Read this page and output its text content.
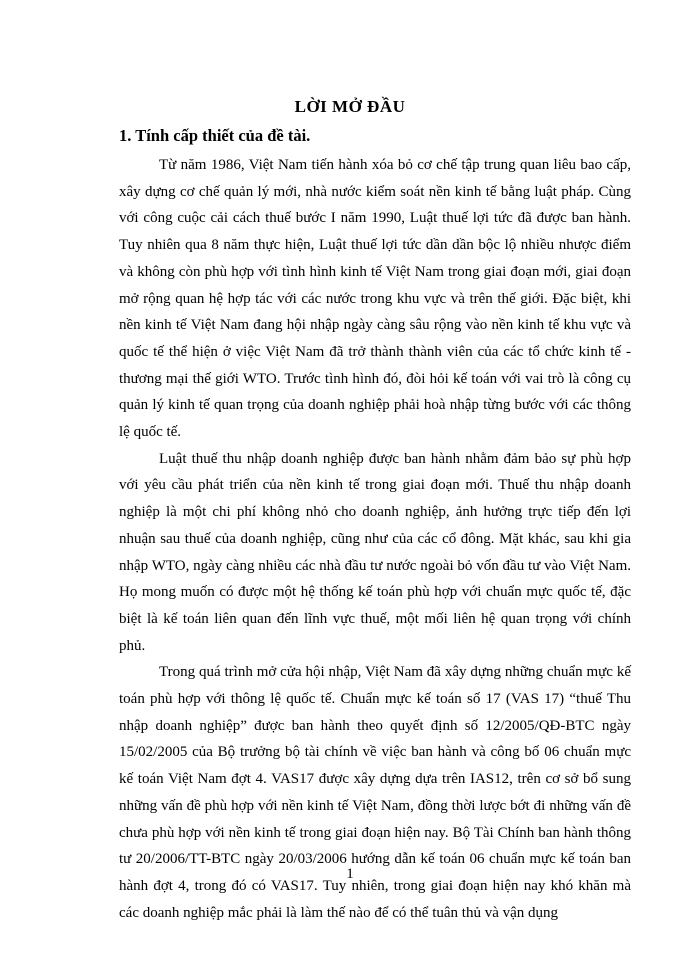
LỜI MỞ ĐẦU
1. Tính cấp thiết của đề tài.

Từ năm 1986, Việt Nam tiến hành xóa bỏ cơ chế tập trung quan liêu bao cấp, xây dựng cơ chế quản lý mới, nhà nước kiểm soát nền kinh tế bằng luật pháp. Cùng với công cuộc cải cách thuế bước I năm 1990, Luật thuế lợi tức đã được ban hành. Tuy nhiên qua 8 năm thực hiện, Luật thuế lợi tức dần dần bộc lộ nhiều nhược điểm và không còn phù hợp với tình hình kinh tế Việt Nam trong giai đoạn mới, giai đoạn mở rộng quan hệ hợp tác với các nước trong khu vực và trên thế giới. Đặc biệt, khi nền kinh tế Việt Nam đang hội nhập ngày càng sâu rộng vào nền kinh tế khu vực và quốc tế thể hiện ở việc Việt Nam đã trở thành thành viên của các tổ chức kinh tế - thương mại thế giới WTO. Trước tình hình đó, đòi hỏi kế toán với vai trò là công cụ quản lý kinh tế quan trọng của doanh nghiệp phải hoà nhập từng bước với các thông lệ quốc tế.

Luật thuế thu nhập doanh nghiệp được ban hành nhằm đảm bảo sự phù hợp với yêu cầu phát triển của nền kinh tế trong giai đoạn mới. Thuế thu nhập doanh nghiệp là một chi phí không nhỏ cho doanh nghiệp, ảnh hưởng trực tiếp đến lợi nhuận sau thuế của doanh nghiệp, cũng như của các cổ đông. Mặt khác, sau khi gia nhập WTO, ngày càng nhiều các nhà đầu tư nước ngoài bỏ vốn đầu tư vào Việt Nam. Họ mong muốn có được một hệ thống kế toán phù hợp với chuẩn mực quốc tế, đặc biệt là kế toán liên quan đến lĩnh vực thuế, một mối liên hệ quan trọng với chính phủ.

Trong quá trình mở cửa hội nhập, Việt Nam đã xây dựng những chuẩn mực kế toán phù hợp với thông lệ quốc tế. Chuẩn mực kế toán số 17 (VAS 17) “thuế Thu nhập doanh nghiệp” được ban hành theo quyết định số 12/2005/QĐ-BTC ngày 15/02/2005 của Bộ trưởng bộ tài chính về việc ban hành và công bố 06 chuẩn mực kế toán Việt Nam đợt 4. VAS17 được xây dựng dựa trên IAS12, trên cơ sở bổ sung những vấn đề phù hợp với nền kinh tế Việt Nam, đồng thời lược bớt đi những vấn đề chưa phù hợp với nền kinh tế trong giai đoạn hiện nay. Bộ Tài Chính ban hành thông tư 20/2006/TT-BTC ngày 20/03/2006 hướng dẫn kế toán 06 chuẩn mực kế toán ban hành đợt 4, trong đó có VAS17. Tuy nhiên, trong giai đoạn hiện nay khó khăn mà các doanh nghiệp mắc phải là làm thế nào để có thể tuân thủ và vận dụng

1
